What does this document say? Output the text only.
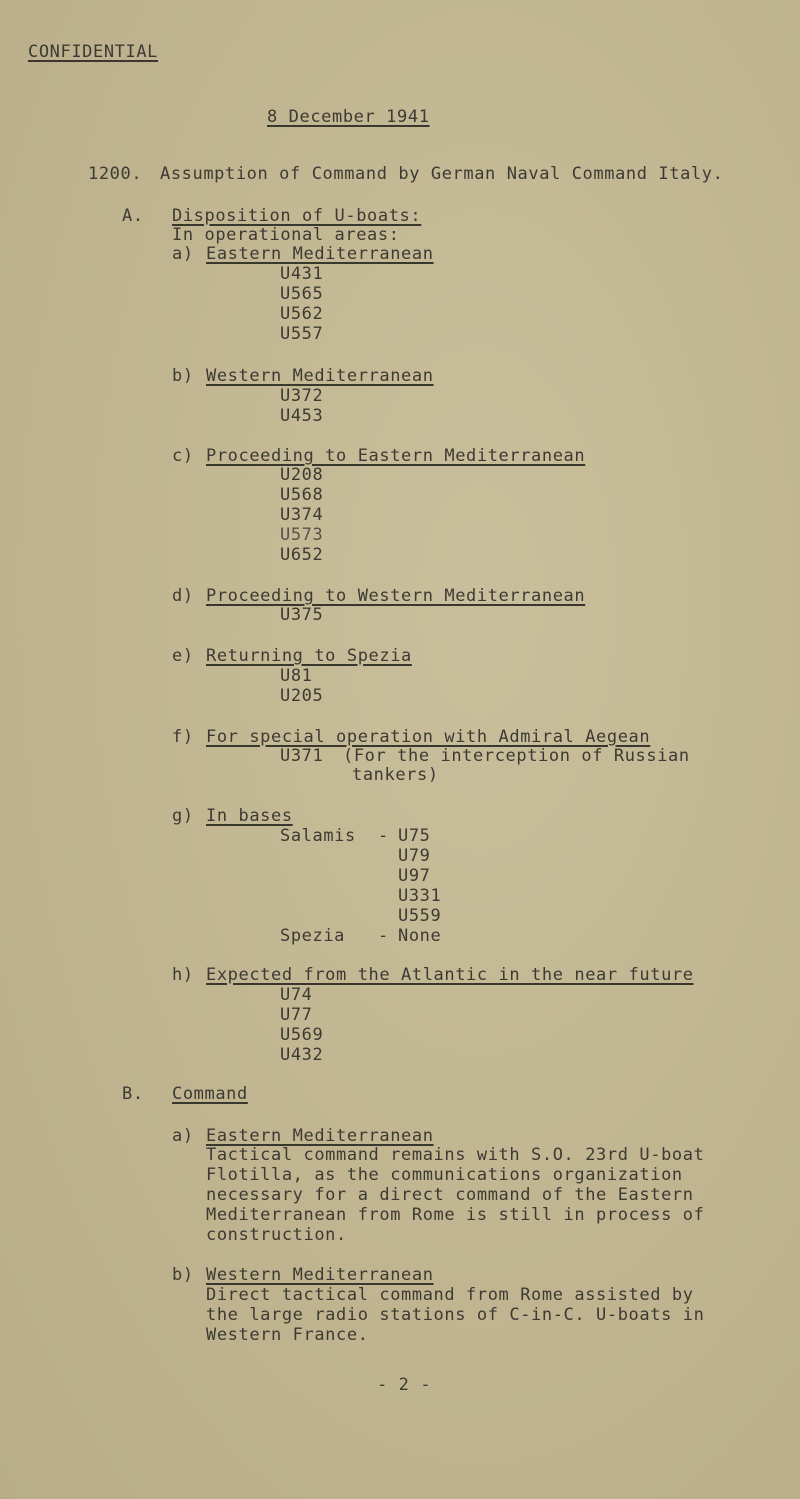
CONFIDENTIAL
8 December 1941
1200. Assumption of Command by German Naval Command Italy.
A. Disposition of U-boats:
In operational areas:
a) Eastern Mediterranean
U431
U565
U562
U557
b) Western Mediterranean
U372
U453
c) Proceeding to Eastern Mediterranean
U208
U568
U374
U573
U652
d) Proceeding to Western Mediterranean
U375
e) Returning to Spezia
U81
U205
f) For special operation with Admiral Aegean
U371 (For the interception of Russian
tankers)
g) In bases
Salamis - U75
U79
U97
U331
U559
Spezia - None
h) Expected from the Atlantic in the near future
U74
U77
U569
U432
B. Command
a) Eastern Mediterranean
Tactical command remains with S.O. 23rd U-boat
Flotilla, as the communications organization
necessary for a direct command of the Eastern
Mediterranean from Rome is still in process of
construction.
b) Western Mediterranean
Direct tactical command from Rome assisted by
the large radio stations of C-in-C. U-boats in
Western France.
- 2 -
